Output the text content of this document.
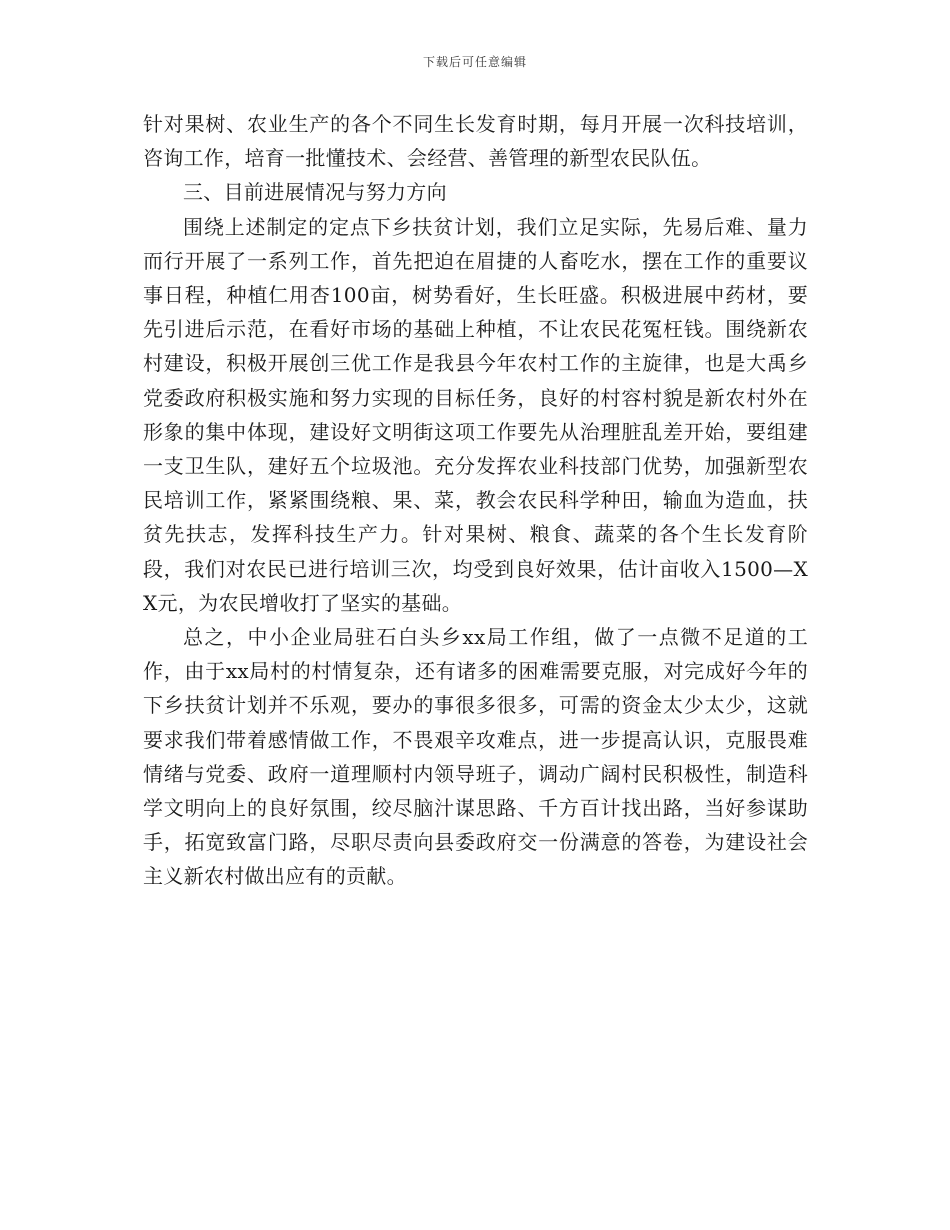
下载后可任意编辑

针对果树、农业生产的各个不同生长发育时期，每月开展一次科技培训，咨询工作，培育一批懂技术、会经营、善管理的新型农民队伍。

三、目前进展情况与努力方向

围绕上述制定的定点下乡扶贫计划，我们立足实际，先易后难、量力而行开展了一系列工作，首先把迫在眉捷的人畜吃水，摆在工作的重要议事日程，种植仁用杏100亩，树势看好，生长旺盛。积极进展中药材，要先引进后示范，在看好市场的基础上种植，不让农民花冤枉钱。围绕新农村建设，积极开展创三优工作是我县今年农村工作的主旋律，也是大禹乡党委政府积极实施和努力实现的目标任务，良好的村容村貌是新农村外在形象的集中体现，建设好文明街这项工作要先从治理脏乱差开始，要组建一支卫生队，建好五个垃圾池。充分发挥农业科技部门优势，加强新型农民培训工作，紧紧围绕粮、果、菜，教会农民科学种田，输血为造血，扶贫先扶志，发挥科技生产力。针对果树、粮食、蔬菜的各个生长发育阶段，我们对农民已进行培训三次，均受到良好效果，估计亩收入1500—XX元，为农民增收打了坚实的基础。

总之，中小企业局驻石白头乡xx局工作组，做了一点微不足道的工作，由于xx局村的村情复杂，还有诸多的困难需要克服，对完成好今年的下乡扶贫计划并不乐观，要办的事很多很多，可需的资金太少太少，这就要求我们带着感情做工作，不畏艰辛攻难点，进一步提高认识，克服畏难情绪与党委、政府一道理顺村内领导班子，调动广阔村民积极性，制造科学文明向上的良好氛围，绞尽脑汁谋思路、千方百计找出路，当好参谋助手，拓宽致富门路，尽职尽责向县委政府交一份满意的答卷，为建设社会主义新农村做出应有的贡献。
